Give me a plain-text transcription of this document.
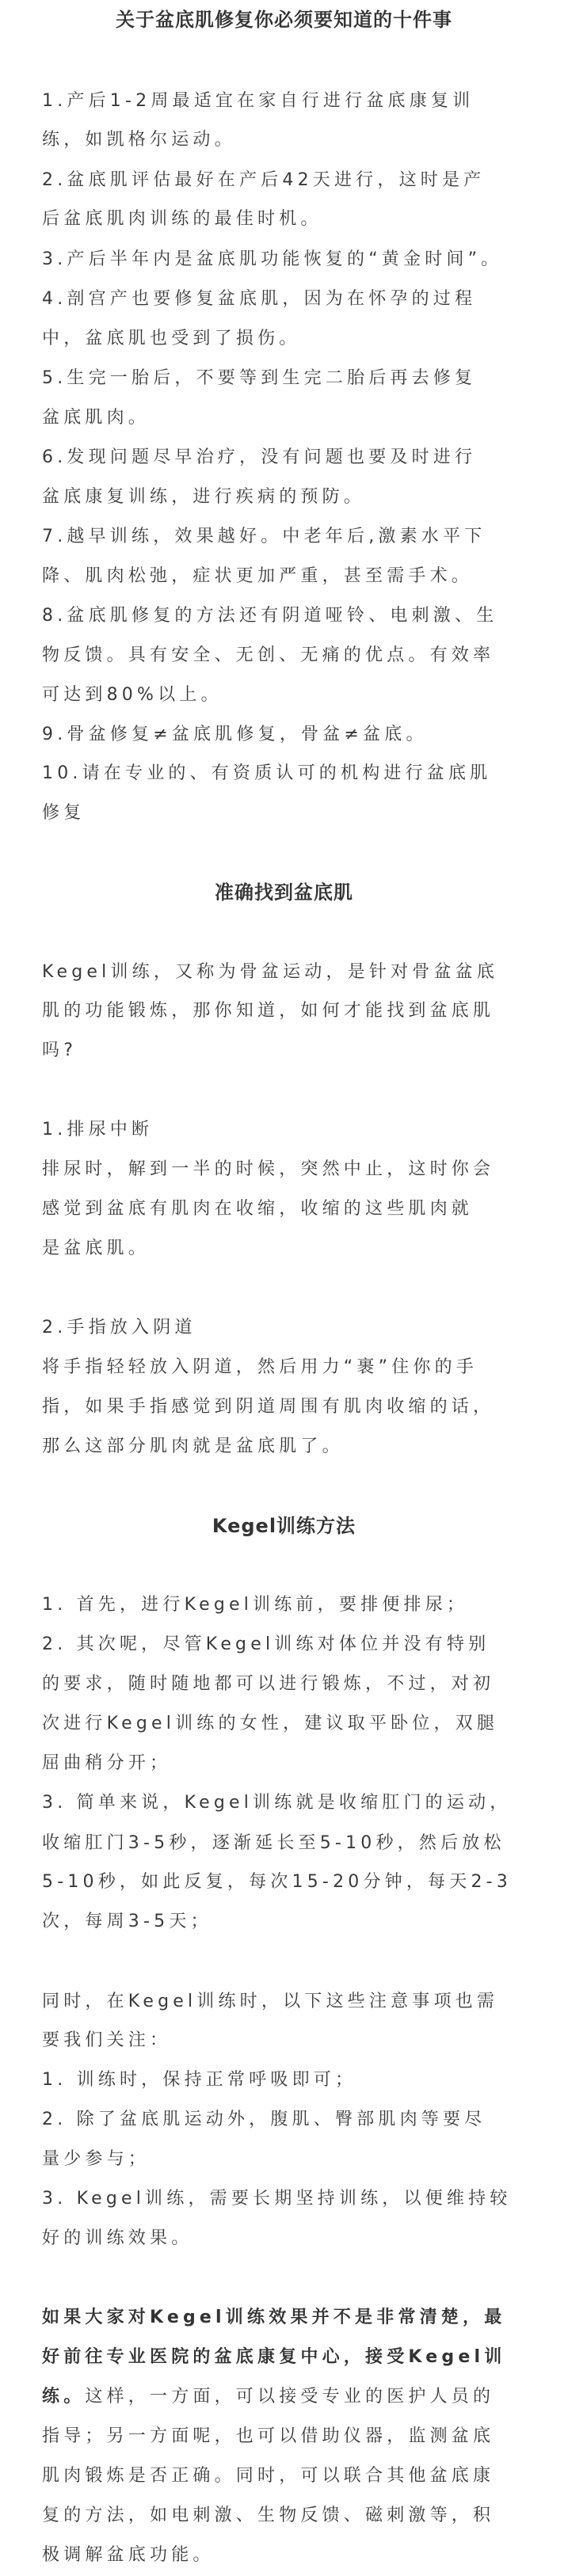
关于盆底肌修复你必须要知道的十件事
1.产后1-2周最适宜在家自行进行盆底康复训
练，如凯格尔运动。
2.盆底肌评估最好在产后42天进行，这时是产
后盆底肌肉训练的最佳时机。
3.产后半年内是盆底肌功能恢复的“黄金时间”。
4.剖宫产也要修复盆底肌，因为在怀孕的过程
中，盆底肌也受到了损伤。
5.生完一胎后，不要等到生完二胎后再去修复
盆底肌肉。
6.发现问题尽早治疗，没有问题也要及时进行
盆底康复训练，进行疾病的预防。
7.越早训练，效果越好。中老年后,激素水平下
降、肌肉松弛，症状更加严重，甚至需手术。
8.盆底肌修复的方法还有阴道哑铃、电刺激、生
物反馈。具有安全、无创、无痛的优点。有效率
可达到80%以上。
9.骨盆修复≠盆底肌修复，骨盆≠盆底。
10.请在专业的、有资质认可的机构进行盆底肌
修复
准确找到盆底肌
Kegel训练，又称为骨盆运动，是针对骨盆盆底
肌的功能锻炼，那你知道，如何才能找到盆底肌
吗?
1.排尿中断
排尿时，解到一半的时候，突然中止，这时你会
感觉到盆底有肌肉在收缩，收缩的这些肌肉就
是盆底肌。
2.手指放入阴道
将手指轻轻放入阴道，然后用力“裹”住你的手
指，如果手指感觉到阴道周围有肌肉收缩的话，
那么这部分肌肉就是盆底肌了。
Kegel训练方法
1. 首先，进行Kegel训练前，要排便排尿；
2. 其次呢，尽管Kegel训练对体位并没有特别
的要求，随时随地都可以进行锻炼，不过，对初
次进行Kegel训练的女性，建议取平卧位，双腿
屈曲稍分开；
3. 简单来说，Kegel训练就是收缩肛门的运动，
收缩肛门3-5秒，逐渐延长至5-10秒，然后放松
5-10秒，如此反复，每次15-20分钟，每天2-3
次，每周3-5天；
同时，在Kegel训练时，以下这些注意事项也需
要我们关注：
1. 训练时，保持正常呼吸即可；
2. 除了盆底肌运动外，腹肌、臀部肌肉等要尽
量少参与；
3. Kegel训练，需要长期坚持训练，以便维持较
好的训练效果。
如果大家对Kegel训练效果并不是非常清楚，最
好前往专业医院的盆底康复中心，接受Kegel训
练。这样，一方面，可以接受专业的医护人员的
指导；另一方面呢，也可以借助仪器，监测盆底
肌肉锻炼是否正确。同时，可以联合其他盆底康
复的方法，如电刺激、生物反馈、磁刺激等，积
极调解盆底功能。
